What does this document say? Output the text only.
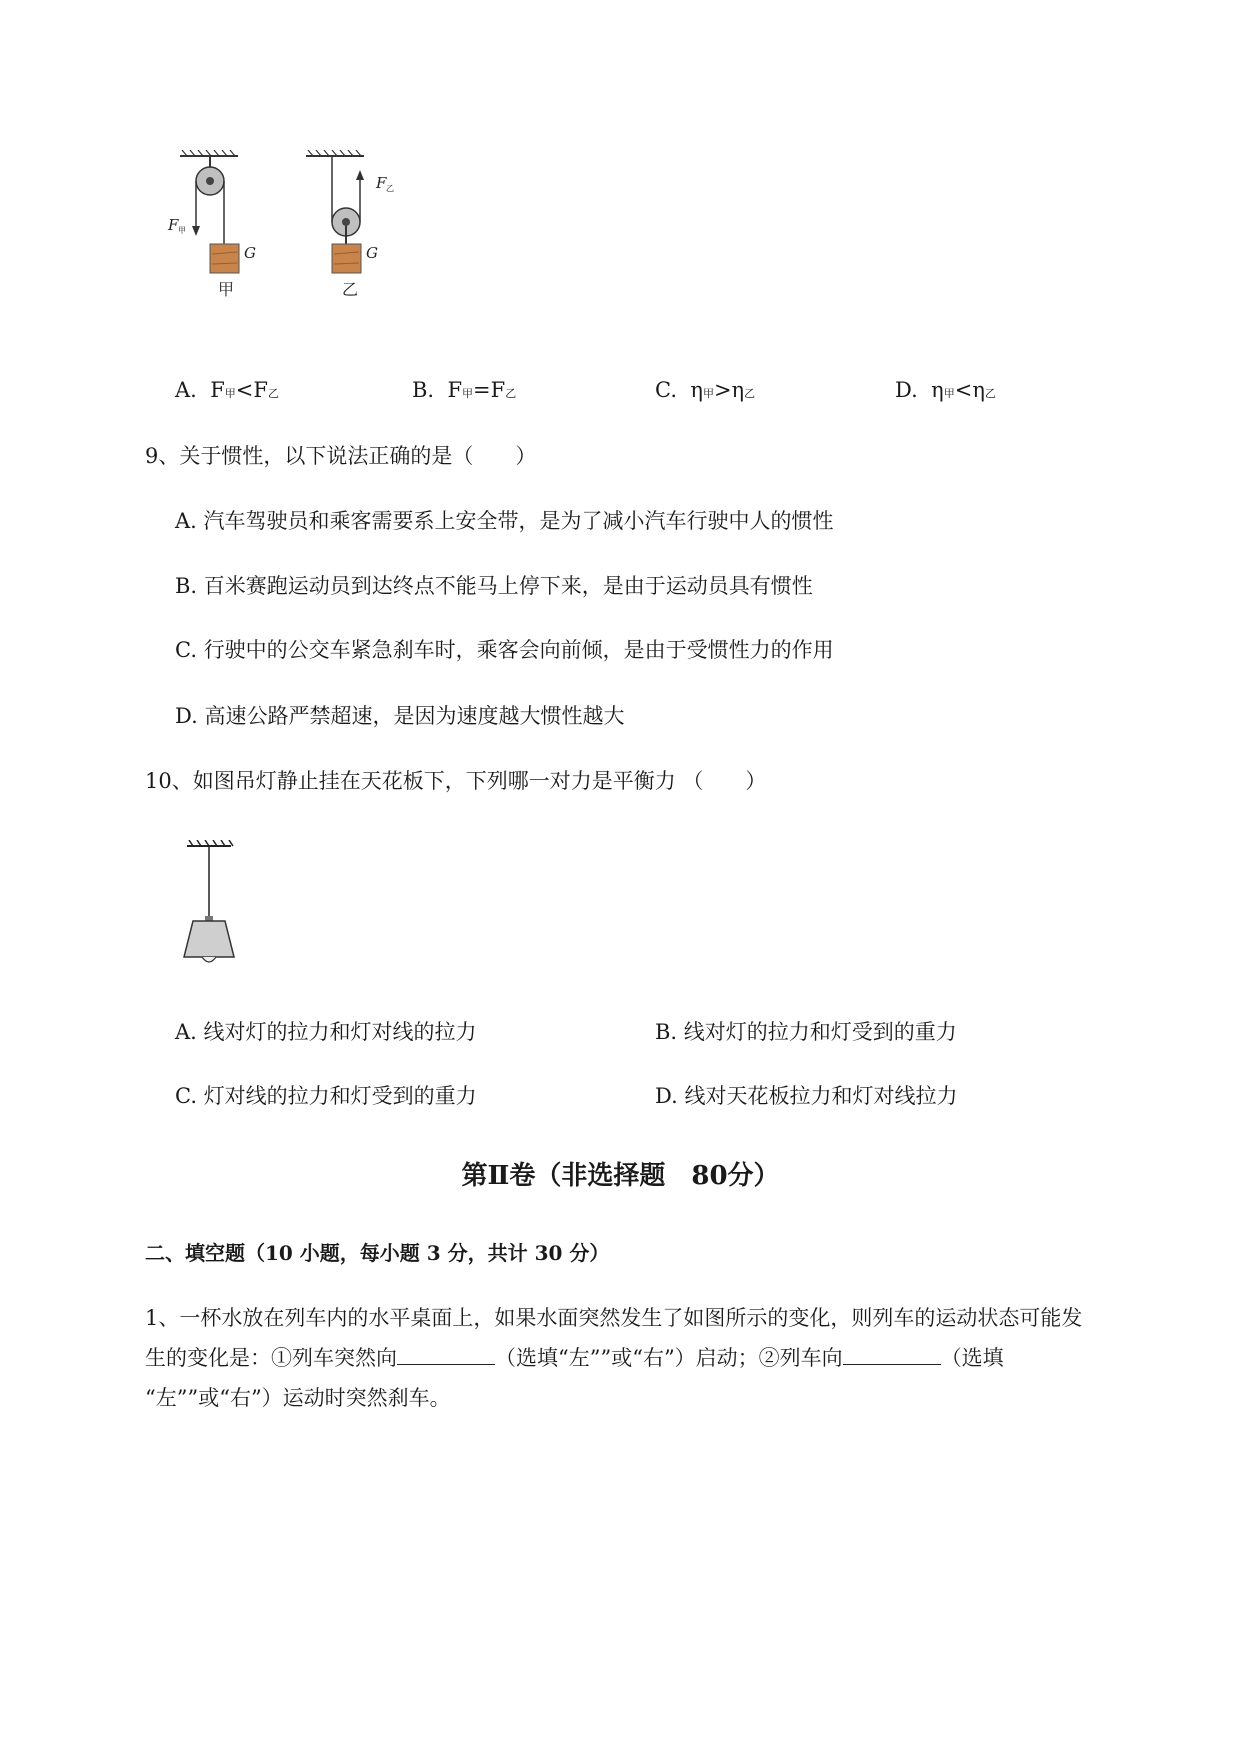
F 甲
G
甲
F 乙
G
乙
A. F甲<F乙	B. F甲=F乙	C. η甲>η乙	D. η甲<η乙
9、关于惯性，以下说法正确的是（　　）
A. 汽车驾驶员和乘客需要系上安全带，是为了减小汽车行驶中人的惯性
B. 百米赛跑运动员到达终点不能马上停下来，是由于运动员具有惯性
C. 行驶中的公交车紧急刹车时，乘客会向前倾，是由于受惯性力的作用
D. 高速公路严禁超速，是因为速度越大惯性越大
10、如图吊灯静止挂在天花板下，下列哪一对力是平衡力 （　　）
A. 线对灯的拉力和灯对线的拉力	B. 线对灯的拉力和灯受到的重力
C. 灯对线的拉力和灯受到的重力	D. 线对天花板拉力和灯对线拉力
第Ⅱ卷（非选择题　80分）
二、填空题（10 小题，每小题 3 分，共计 30 分）
1、一杯水放在列车内的水平桌面上，如果水面突然发生了如图所示的变化，则列车的运动状态可能发
生的变化是：①列车突然向	（选填“左””或“右”）启动；②列车向	（选填
“左””或“右”）运动时突然刹车。
